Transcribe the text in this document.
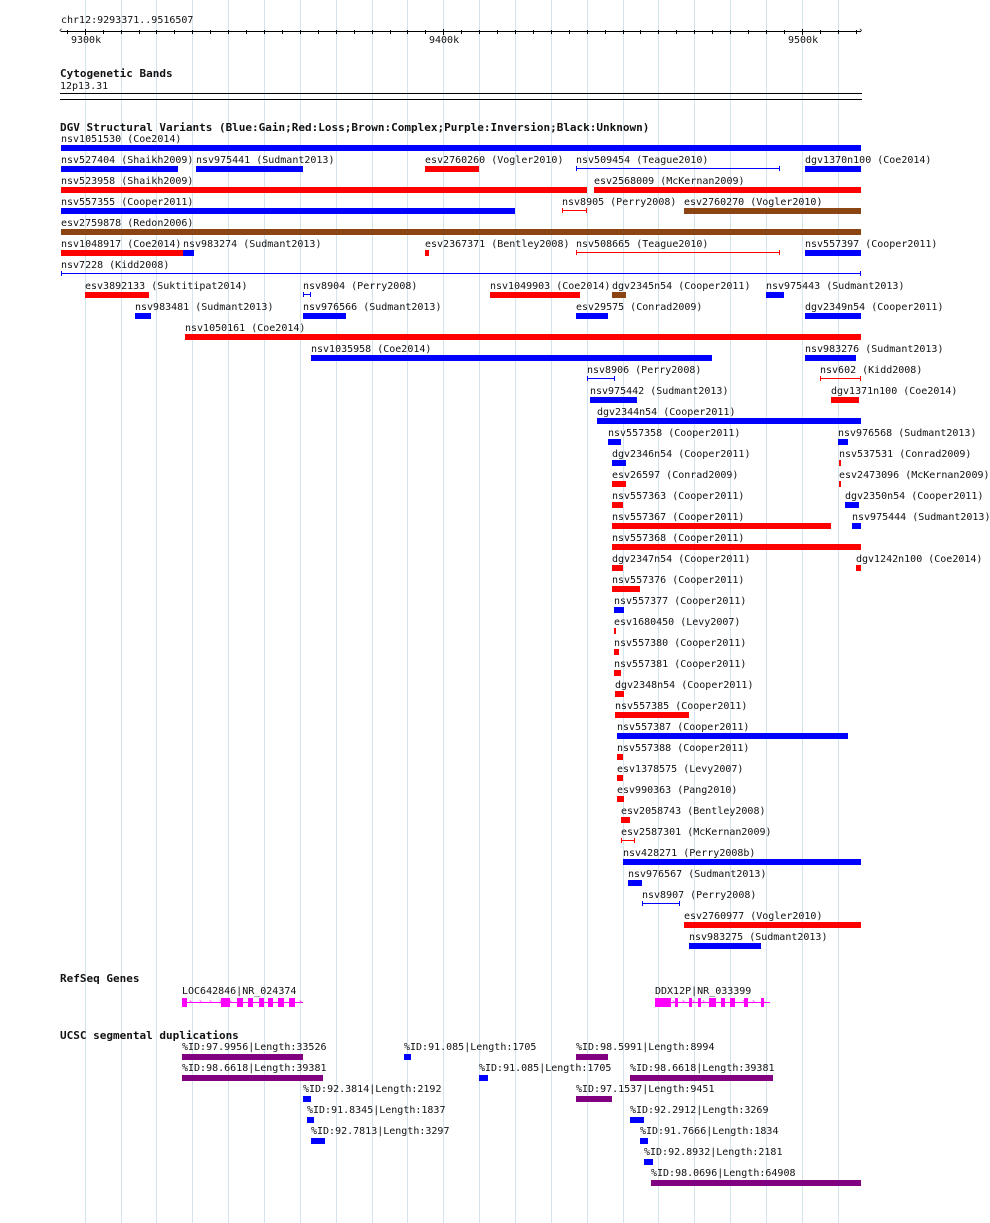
chr12:9293371..9516507
9300k	9400k	9500k
‹	›
Cytogenetic Bands
12p13.31
DGV Structural Variants (Blue:Gain;Red:Loss;Brown:Complex;Purple:Inversion;Black:Unknown)
nsv1051530 (Coe2014)
nsv527404 (Shaikh2009) nsv975441 (Sudmant2013)	esv2760260 (Vogler2010) nsv509454 (Teague2010)	dgv1370n100 (Coe2014)
nsv523958 (Shaikh2009)	esv2568009 (McKernan2009)
nsv557355 (Cooper2011)	nsv8905 (Perry2008) esv2760270 (Vogler2010)
esv2759878 (Redon2006)
nsv1048917 (Coe2014) nsv983274 (Sudmant2013)	esv2367371 (Bentley2008) nsv508665 (Teague2010)	nsv557397 (Cooper2011)
nsv7228 (Kidd2008)
esv3892133 (Suktitipat2014)	nsv8904 (Perry2008)	nsv1049903 (Coe2014) dgv2345n54 (Cooper2011) nsv975443 (Sudmant2013)
nsv983481 (Sudmant2013)	nsv976566 (Sudmant2013)	esv29575 (Conrad2009)	dgv2349n54 (Cooper2011)
nsv1050161 (Coe2014)
nsv1035958 (Coe2014)	nsv983276 (Sudmant2013)
nsv8906 (Perry2008)	nsv602 (Kidd2008)
nsv975442 (Sudmant2013)	dgv1371n100 (Coe2014)
dgv2344n54 (Cooper2011)
nsv557358 (Cooper2011)	nsv976568 (Sudmant2013)
dgv2346n54 (Cooper2011)	nsv537531 (Conrad2009)
esv26597 (Conrad2009)	esv2473096 (McKernan2009)
nsv557363 (Cooper2011)	dgv2350n54 (Cooper2011)
nsv557367 (Cooper2011)	nsv975444 (Sudmant2013)
nsv557368 (Cooper2011)
dgv2347n54 (Cooper2011)	dgv1242n100 (Coe2014)
nsv557376 (Cooper2011)
nsv557377 (Cooper2011)
esv1680450 (Levy2007)
nsv557380 (Cooper2011)
nsv557381 (Cooper2011)
dgv2348n54 (Cooper2011)
nsv557385 (Cooper2011)
nsv557387 (Cooper2011)
nsv557388 (Cooper2011)
esv1378575 (Levy2007)
esv990363 (Pang2010)
esv2058743 (Bentley2008)
esv2587301 (McKernan2009)
nsv428271 (Perry2008b)
nsv976567 (Sudmant2013)
nsv8907 (Perry2008)
esv2760977 (Vogler2010)
nsv983275 (Sudmant2013)
RefSeq Genes
LOC642846|NR_024374
› › › › › › › › › › › ›
DDX12P|NR_033399
› › › › › › › › › › ›
UCSC segmental duplications
%ID:97.9956|Length:33526	%ID:91.085|Length:1705	%ID:98.5991|Length:8994
%ID:98.6618|Length:39381	%ID:91.085|Length:1705 %ID:98.6618|Length:39381
%ID:92.3814|Length:2192	%ID:97.1537|Length:9451
%ID:91.8345|Length:1837	%ID:92.2912|Length:3269
%ID:92.7813|Length:3297	%ID:91.7666|Length:1834
%ID:92.8932|Length:2181
%ID:98.0696|Length:64908
